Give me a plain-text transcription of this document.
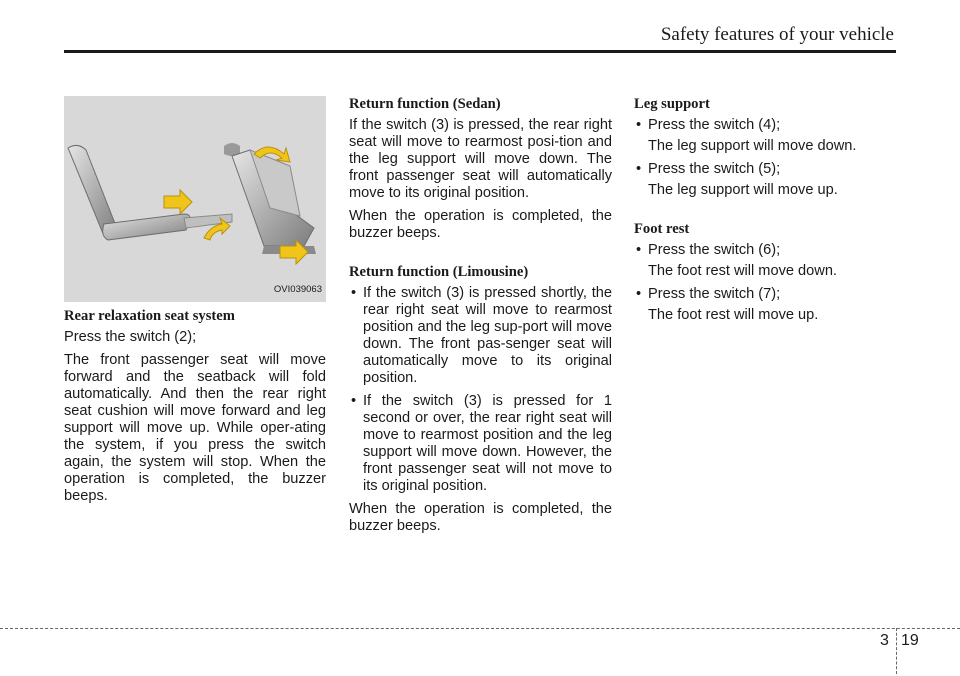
Safety features of your vehicle
OVI039063
Rear relaxation seat system

Press the switch (2);

The front passenger seat will move forward and the seatback will fold automatically. And then the rear right seat cushion will move forward and leg support will move up. While oper-ating the system, if you press the switch again, the system will stop. When the operation is completed, the buzzer beeps.

Return function (Sedan)

If the switch (3) is pressed, the rear right seat will move to rearmost posi-tion and the leg support will move down. The front passenger seat will automatically move to its original position.

When the operation is completed, the buzzer beeps.

Return function (Limousine)
• If the switch (3) is pressed shortly, the rear right seat will move to rearmost position and the leg sup-port will move down. The front pas-senger seat will automatically move to its original position.
• If the switch (3) is pressed for 1 second or over, the rear right seat will move to rearmost position and the leg support will move down. However, the front passenger seat will not move to its original position.

When the operation is completed, the buzzer beeps.

Leg support
• Press the switch (4);
The leg support will move down.
• Press the switch (5);
The leg support will move up.
Foot rest
• Press the switch (6);
The foot rest will move down.
• Press the switch (7);
The foot rest will move up.
3 19
